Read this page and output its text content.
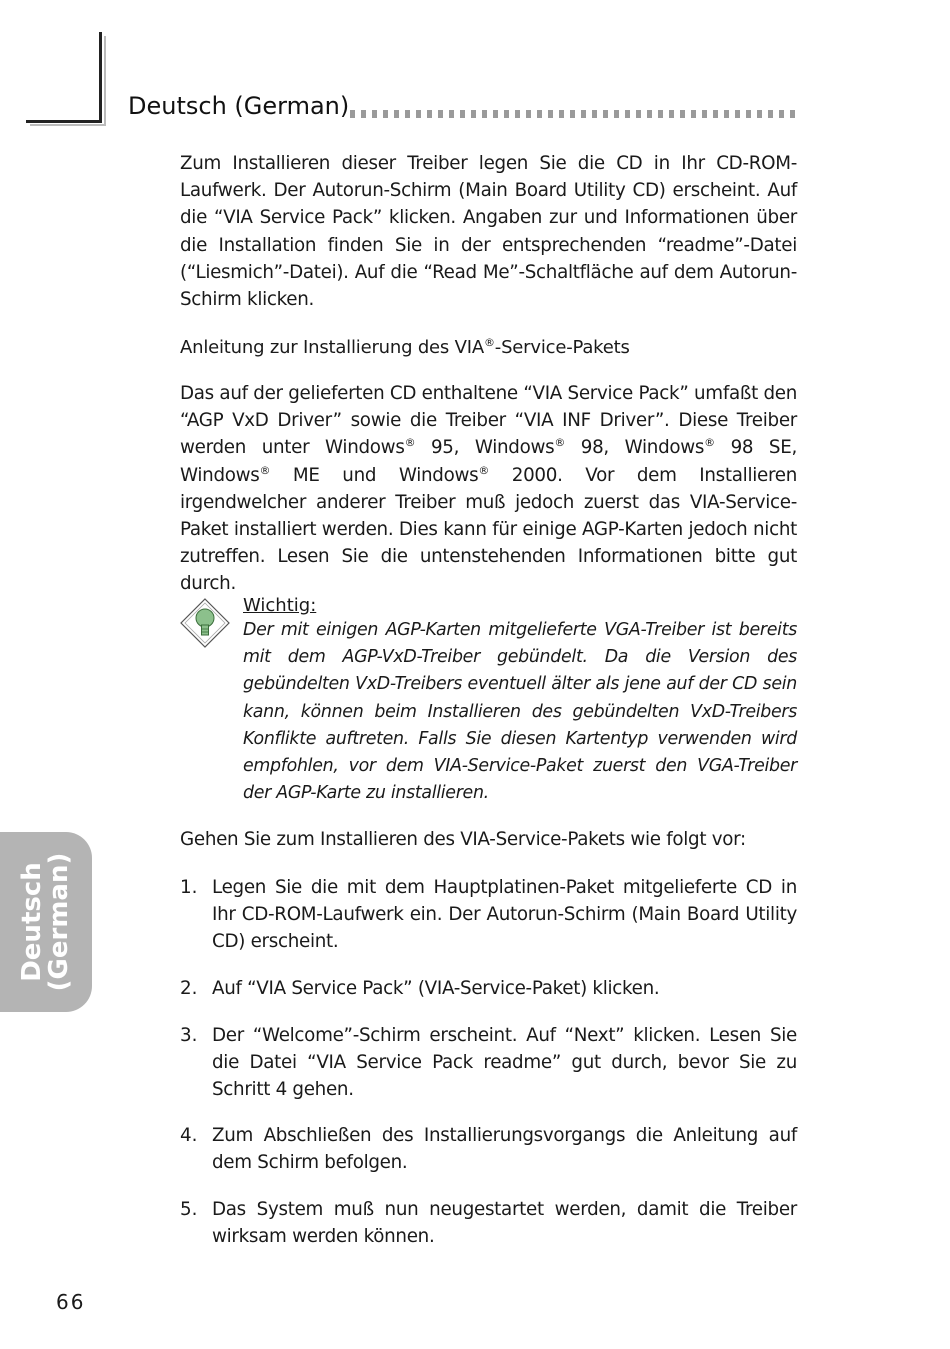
Deutsch (German)

Zum Installieren dieser Treiber legen Sie die CD in Ihr CD-ROM-Laufwerk. Der Autorun-Schirm (Main Board Utility CD) erscheint. Auf die “VIA Service Pack” klicken. Angaben zur und Informationen über die Installation finden Sie in der entsprechenden “readme”-Datei (“Liesmich”-Datei). Auf die “Read Me”-Schaltfläche auf dem Autorun-Schirm klicken.

Anleitung zur Installierung des VIA®-Service-Pakets

Das auf der gelieferten CD enthaltene “VIA Service Pack” umfaßt den “AGP VxD Driver” sowie die Treiber “VIA INF Driver”. Diese Treiber werden unter Windows® 95, Windows® 98, Windows® 98 SE, Windows® ME und Windows® 2000. Vor dem Installieren irgendwelcher anderer Treiber muß jedoch zuerst das VIA-Service-Paket installiert werden. Dies kann für einige AGP-Karten jedoch nicht zutreffen. Lesen Sie die untenstehenden Informationen bitte gut durch.

Wichtig:

Der mit einigen AGP-Karten mitgelieferte VGA-Treiber ist bereits mit dem AGP-VxD-Treiber gebündelt. Da die Version des gebündelten VxD-Treibers eventuell älter als jene auf der CD sein kann, können beim Installieren des gebündelten VxD-Treibers Konflikte auftreten. Falls Sie diesen Kartentyp verwenden wird empfohlen, vor dem VIA-Service-Paket zuerst den VGA-Treiber der AGP-Karte zu installieren.

Gehen Sie zum Installieren des VIA-Service-Pakets wie folgt vor:

1. Legen Sie die mit dem Hauptplatinen-Paket mitgelieferte CD in Ihr CD-ROM-Laufwerk ein. Der Autorun-Schirm (Main Board Utility CD) erscheint.

2. Auf “VIA Service Pack” (VIA-Service-Paket) klicken.

3. Der “Welcome”-Schirm erscheint. Auf “Next” klicken. Lesen Sie die Datei “VIA Service Pack readme” gut durch, bevor Sie zu Schritt 4 gehen.

4. Zum Abschließen des Installierungsvorgangs die Anleitung auf dem Schirm befolgen.

5. Das System muß nun neugestartet werden, damit die Treiber wirksam werden können.

Deutsch
(German)
66
